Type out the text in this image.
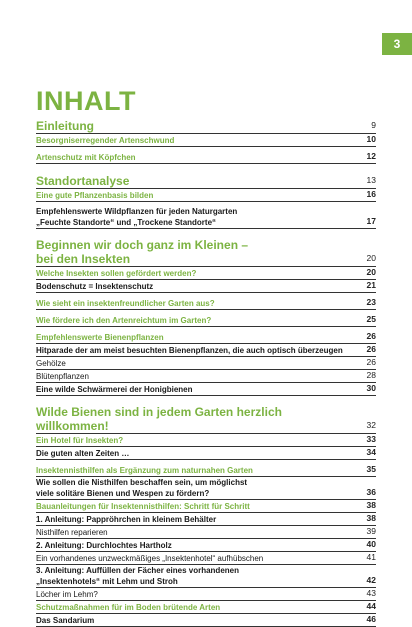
3
INHALT
Einleitung	9
Besorgniserregender Artenschwund	10
Artenschutz mit Köpfchen	12
Standortanalyse	13
Eine gute Pflanzenbasis bilden	16
Empfehlenswerte Wildpflanzen für jeden Naturgarten
„Feuchte Standorte“ und „Trockene Standorte“	17
Beginnen wir doch ganz im Kleinen –
bei den Insekten	20
Welche Insekten sollen gefördert werden?	20
Bodenschutz = Insektenschutz	21
Wie sieht ein insektenfreundlicher Garten aus?	23
Wie fördere ich den Artenreichtum im Garten?	25
Empfehlenswerte Bienenpflanzen	26
Hitparade der am meist besuchten Bienenpflanzen, die auch optisch überzeugen	26
Gehölze	26
Blütenpflanzen	28
Eine wilde Schwärmerei der Honigbienen	30
Wilde Bienen sind in jedem Garten herzlich willkommen!	32
Ein Hotel für Insekten?	33
Die guten alten Zeiten …	34
Insektennisthilfen als Ergänzung zum naturnahen Garten	35
Wie sollen die Nisthilfen beschaffen sein, um möglichst
viele solitäre Bienen und Wespen zu fördern?	36
Bauanleitungen für Insektennisthilfen: Schritt für Schritt	38
1. Anleitung: Pappröhrchen in kleinem Behälter	38
Nisthilfen reparieren	39
2. Anleitung: Durchlochtes Hartholz	40
Ein vorhandenes unzweckmäßiges „Insektenhotel“ aufhübschen	41
3. Anleitung: Auffüllen der Fächer eines vorhandenen
„Insektenhotels“ mit Lehm und Stroh	42
Löcher im Lehm?	43
Schutzmaßnahmen für im Boden brütende Arten	44
Das Sandarium	46
